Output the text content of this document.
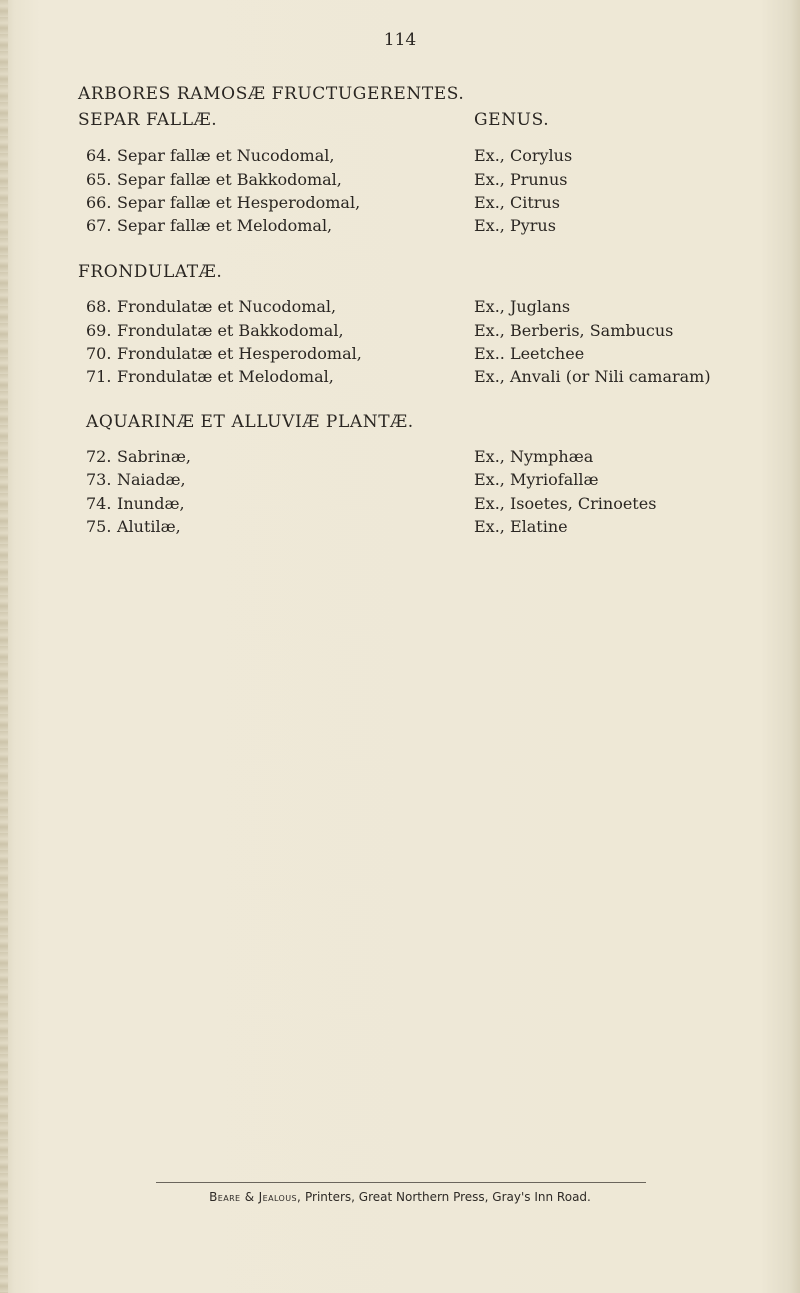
114
ARBORES RAMOSÆ FRUCTUGERENTES.
SEPAR FALLÆ.	GENUS.
64. Separ fallæ et Nucodomal,	Ex., Corylus
65. Separ fallæ et Bakkodomal,	Ex., Prunus
66. Separ fallæ et Hesperodomal,	Ex., Citrus
67. Separ fallæ et Melodomal,	Ex., Pyrus
FRONDULATÆ.
68. Frondulatæ et Nucodomal,	Ex., Juglans
69. Frondulatæ et Bakkodomal,	Ex., Berberis, Sambucus
70. Frondulatæ et Hesperodomal,	Ex.. Leetchee
71. Frondulatæ et Melodomal,	Ex., Anvali (or Nili camaram)
AQUARINÆ ET ALLUVIÆ PLANTÆ.
72. Sabrinæ,	Ex., Nymphæa
73. Naiadæ,	Ex., Myriofallæ
74. Inundæ,	Ex., Isoetes, Crinoetes
75. Alutilæ,	Ex., Elatine
Beare & Jealous, Printers, Great Northern Press, Gray's Inn Road.
